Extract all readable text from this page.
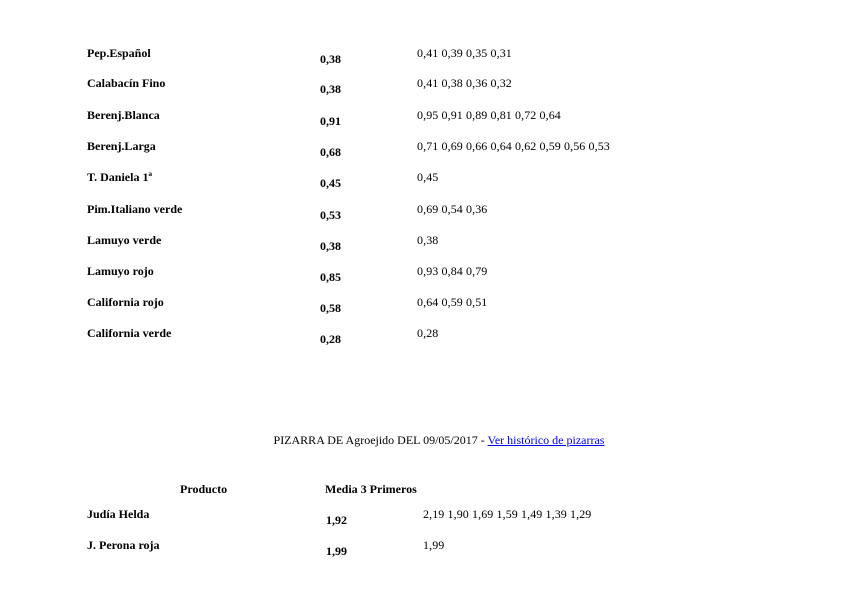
Pep.Español	0,38	0,41 0,39 0,35 0,31
Calabacín Fino	0,38	0,41 0,38 0,36 0,32
Berenj.Blanca	0,91	0,95 0,91 0,89 0,81 0,72 0,64
Berenj.Larga	0,68	0,71 0,69 0,66 0,64 0,62 0,59 0,56 0,53
T. Daniela 1ª	0,45	0,45
Pim.Italiano verde	0,53	0,69 0,54 0,36
Lamuyo verde	0,38	0,38
Lamuyo rojo	0,85	0,93 0,84 0,79
California rojo	0,58	0,64 0,59 0,51
California verde	0,28	0,28
PIZARRA DE Agroejido DEL 09/05/2017 - Ver histórico de pizarras
Producto	Media 3 Primeros
Judía Helda	1,92	2,19 1,90 1,69 1,59 1,49 1,39 1,29
J. Perona roja	1,99	1,99
